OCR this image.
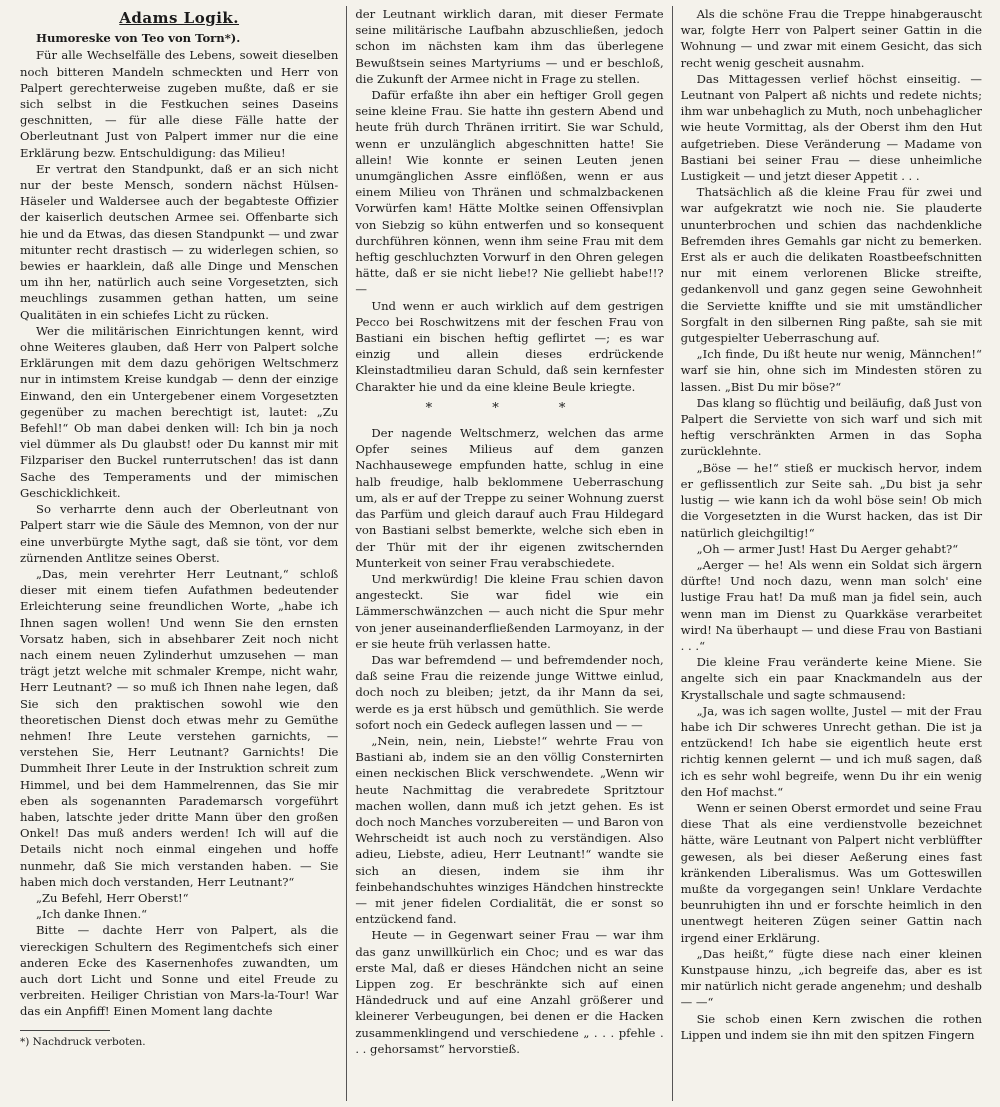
Adams Logik.

Humoreske von Teo von Torn*).

Für alle Wechselfälle des Lebens, soweit dieselben noch bitteren Mandeln schmeckten und Herr von Palpert gerechterweise zugeben mußte, daß er sie sich selbst in die Festkuchen seines Daseins geschnitten, — für alle diese Fälle hatte der Oberleutnant Just von Palpert immer nur die eine Erklärung bezw. Entschuldigung: das Milieu!

Er vertrat den Standpunkt, daß er an sich nicht nur der beste Mensch, sondern nächst Hülsen-Häseler und Waldersee auch der begabteste Offizier der kaiserlich deutschen Armee sei. Offenbarte sich hie und da Etwas, das diesen Standpunkt — und zwar mitunter recht drastisch — zu widerlegen schien, so bewies er haarklein, daß alle Dinge und Menschen um ihn her, natürlich auch seine Vorgesetzten, sich meuchlings zusammen gethan hatten, um seine Qualitäten in ein schiefes Licht zu rücken.

Wer die militärischen Einrichtungen kennt, wird ohne Weiteres glauben, daß Herr von Palpert solche Erklärungen mit dem dazu gehörigen Weltschmerz nur in intimstem Kreise kundgab — denn der einzige Einwand, den ein Untergebener einem Vorgesetzten gegenüber zu machen berechtigt ist, lautet: „Zu Befehl!“ Ob man dabei denken will: Ich bin ja noch viel dümmer als Du glaubst! oder Du kannst mir mit Filzpariser den Buckel runterrutschen! das ist dann Sache des Temperaments und der mimischen Geschicklichkeit.

So verharrte denn auch der Oberleutnant von Palpert starr wie die Säule des Memnon, von der nur eine unverbürgte Mythe sagt, daß sie tönt, vor dem zürnenden Antlitze seines Oberst.

„Das, mein verehrter Herr Leutnant,“ schloß dieser mit einem tiefen Aufathmen bedeutender Erleichterung seine freundlichen Worte, „habe ich Ihnen sagen wollen! Und wenn Sie den ernsten Vorsatz haben, sich in absehbarer Zeit noch nicht nach einem neuen Zylinderhut umzusehen — man trägt jetzt welche mit schmaler Krempe, nicht wahr, Herr Leutnant? — so muß ich Ihnen nahe legen, daß Sie sich den praktischen sowohl wie den theoretischen Dienst doch etwas mehr zu Gemüthe nehmen! Ihre Leute verstehen garnichts, — verstehen Sie, Herr Leutnant? Garnichts! Die Dummheit Ihrer Leute in der Instruktion schreit zum Himmel, und bei dem Hammelrennen, das Sie mir eben als sogenannten Parademarsch vorgeführt haben, latschte jeder dritte Mann über den großen Onkel! Das muß anders werden! Ich will auf die Details nicht noch einmal eingehen und hoffe nunmehr, daß Sie mich verstanden haben. — Sie haben mich doch verstanden, Herr Leutnant?“

„Zu Befehl, Herr Oberst!“

„Ich danke Ihnen.“

Bitte — dachte Herr von Palpert, als die viereckigen Schultern des Regimentchefs sich einer anderen Ecke des Kasernenhofes zuwandten, um auch dort Licht und Sonne und eitel Freude zu verbreiten. Heiliger Christian von Mars-la-Tour! War das ein Anpfiff! Einen Moment lang dachte

*) Nachdruck verboten.

der Leutnant wirklich daran, mit dieser Fermate seine militärische Laufbahn abzuschließen, jedoch schon im nächsten kam ihm das überlegene Bewußtsein seines Martyriums — und er beschloß, die Zukunft der Armee nicht in Frage zu stellen.

Dafür erfaßte ihn aber ein heftiger Groll gegen seine kleine Frau. Sie hatte ihn gestern Abend und heute früh durch Thränen irritirt. Sie war Schuld, wenn er unzulänglich abgeschnitten hatte! Sie allein! Wie konnte er seinen Leuten jenen unumgänglichen Assre einflößen, wenn er aus einem Milieu von Thränen und schmalzbackenen Vorwürfen kam! Hätte Moltke seinen Offensivplan von Siebzig so kühn entwerfen und so konsequent durchführen können, wenn ihm seine Frau mit dem heftig geschluchzten Vorwurf in den Ohren gelegen hätte, daß er sie nicht liebe!? Nie gelliebt habe!!? —

Und wenn er auch wirklich auf dem gestrigen Pecco bei Roschwitzens mit der feschen Frau von Bastiani ein bischen heftig geflirtet —; es war einzig und allein dieses erdrückende Kleinstadtmilieu daran Schuld, daß sein kernfester Charakter hie und da eine kleine Beule kriegte.

* * *

Der nagende Weltschmerz, welchen das arme Opfer seines Milieus auf dem ganzen Nachhausewege empfunden hatte, schlug in eine halb freudige, halb beklommene Ueberraschung um, als er auf der Treppe zu seiner Wohnung zuerst das Parfüm und gleich darauf auch Frau Hildegard von Bastiani selbst bemerkte, welche sich eben in der Thür mit der ihr eigenen zwitschernden Munterkeit von seiner Frau verabschiedete.

Und merkwürdig! Die kleine Frau schien davon angesteckt. Sie war fidel wie ein Lämmerschwänzchen — auch nicht die Spur mehr von jener auseinanderfließenden Larmoyanz, in der er sie heute früh verlassen hatte.

Das war befremdend — und befremdender noch, daß seine Frau die reizende junge Wittwe einlud, doch noch zu bleiben; jetzt, da ihr Mann da sei, werde es ja erst hübsch und gemüthlich. Sie werde sofort noch ein Gedeck auflegen lassen und — —

„Nein, nein, nein, Liebste!“ wehrte Frau von Bastiani ab, indem sie an den völlig Consternirten einen neckischen Blick verschwendete. „Wenn wir heute Nachmittag die verabredete Spritztour machen wollen, dann muß ich jetzt gehen. Es ist doch noch Manches vorzubereiten — und Baron von Wehrscheidt ist auch noch zu verständigen. Also adieu, Liebste, adieu, Herr Leutnant!“ wandte sie sich an diesen, indem sie ihm ihr feinbehandschuhtes winziges Händchen hinstreckte — mit jener fidelen Cordialität, die er sonst so entzückend fand.

Heute — in Gegenwart seiner Frau — war ihm das ganz unwillkürlich ein Choc; und es war das erste Mal, daß er dieses Händchen nicht an seine Lippen zog. Er beschränkte sich auf einen Händedruck und auf eine Anzahl größerer und kleinerer Verbeugungen, bei denen er die Hacken zusammenklingend und verschiedene „ . . . pfehle . . . gehorsamst“ hervorstieß.

Als die schöne Frau die Treppe hinabgerauscht war, folgte Herr von Palpert seiner Gattin in die Wohnung — und zwar mit einem Gesicht, das sich recht wenig gescheit ausnahm.

Das Mittagessen verlief höchst einseitig. — Leutnant von Palpert aß nichts und redete nichts; ihm war unbehaglich zu Muth, noch unbehaglicher wie heute Vormittag, als der Oberst ihm den Hut aufgetrieben. Diese Veränderung — Madame von Bastiani bei seiner Frau — diese unheimliche Lustigkeit — und jetzt dieser Appetit . . .

Thatsächlich aß die kleine Frau für zwei und war aufgekratzt wie noch nie. Sie plauderte ununterbrochen und schien das nachdenkliche Befremden ihres Gemahls gar nicht zu bemerken. Erst als er auch die delikaten Roastbeefschnitten nur mit einem verlorenen Blicke streifte, gedankenvoll und ganz gegen seine Gewohnheit die Serviette kniffte und sie mit umständlicher Sorgfalt in den silbernen Ring paßte, sah sie mit gutgespielter Ueberraschung auf.

„Ich finde, Du ißt heute nur wenig, Männchen!“ warf sie hin, ohne sich im Mindesten stören zu lassen. „Bist Du mir böse?“

Das klang so flüchtig und beiläufig, daß Just von Palpert die Serviette von sich warf und sich mit heftig verschränkten Armen in das Sopha zurücklehnte.

„Böse — he!“ stieß er muckisch hervor, indem er geflissentlich zur Seite sah. „Du bist ja sehr lustig — wie kann ich da wohl böse sein! Ob mich die Vorgesetzten in die Wurst hacken, das ist Dir natürlich gleichgiltig!“

„Oh — armer Just! Hast Du Aerger gehabt?“

„Aerger — he! Als wenn ein Soldat sich ärgern dürfte! Und noch dazu, wenn man solch' eine lustige Frau hat! Da muß man ja fidel sein, auch wenn man im Dienst zu Quarkkäse verarbeitet wird! Na überhaupt — und diese Frau von Bastiani . . .“

Die kleine Frau veränderte keine Miene. Sie angelte sich ein paar Knackmandeln aus der Krystallschale und sagte schmausend:

„Ja, was ich sagen wollte, Justel — mit der Frau habe ich Dir schweres Unrecht gethan. Die ist ja entzückend! Ich habe sie eigentlich heute erst richtig kennen gelernt — und ich muß sagen, daß ich es sehr wohl begreife, wenn Du ihr ein wenig den Hof machst.“

Wenn er seinen Oberst ermordet und seine Frau diese That als eine verdienstvolle bezeichnet hätte, wäre Leutnant von Palpert nicht verblüffter gewesen, als bei dieser Aeßerung eines fast kränkenden Liberalismus. Was um Gotteswillen mußte da vorgegangen sein! Unklare Verdachte beunruhigten ihn und er forschte heimlich in den unentwegt heiteren Zügen seiner Gattin nach irgend einer Erklärung.

„Das heißt,“ fügte diese nach einer kleinen Kunstpause hinzu, „ich begreife das, aber es ist mir natürlich nicht gerade angenehm; und deshalb — —“

Sie schob einen Kern zwischen die rothen Lippen und indem sie ihn mit den spitzen Fingern
